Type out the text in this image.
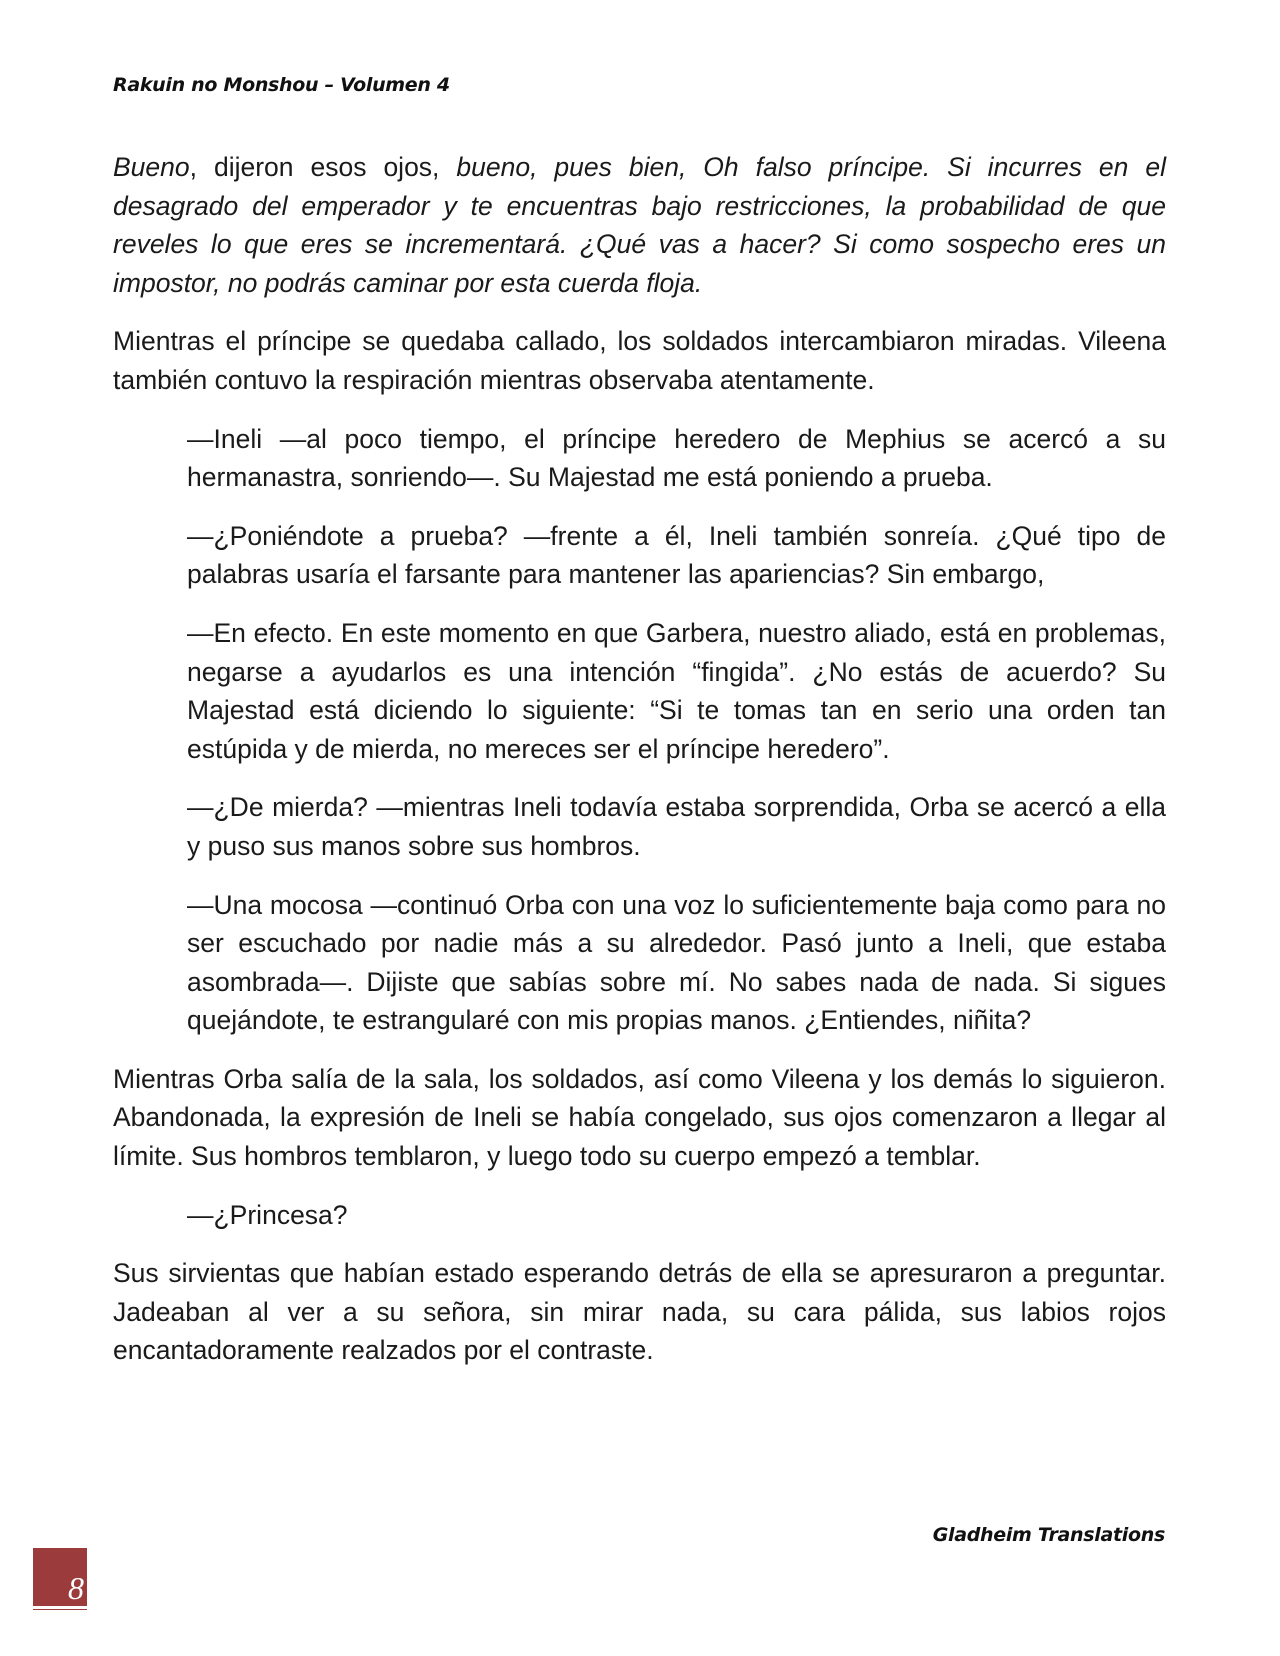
Rakuin no Monshou – Volumen 4

Bueno, dijeron esos ojos, bueno, pues bien, Oh falso príncipe. Si incurres en el desagrado del emperador y te encuentras bajo restricciones, la probabilidad de que reveles lo que eres se incrementará. ¿Qué vas a hacer? Si como sospecho eres un impostor, no podrás caminar por esta cuerda floja.

Mientras el príncipe se quedaba callado, los soldados intercambiaron miradas. Vileena también contuvo la respiración mientras observaba atentamente.

—Ineli —al poco tiempo, el príncipe heredero de Mephius se acercó a su hermanastra, sonriendo—. Su Majestad me está poniendo a prueba.

—¿Poniéndote a prueba? —frente a él, Ineli también sonreía. ¿Qué tipo de palabras usaría el farsante para mantener las apariencias? Sin embargo,

—En efecto. En este momento en que Garbera, nuestro aliado, está en problemas, negarse a ayudarlos es una intención “fingida”. ¿No estás de acuerdo? Su Majestad está diciendo lo siguiente: “Si te tomas tan en serio una orden tan estúpida y de mierda, no mereces ser el príncipe heredero”.

—¿De mierda? —mientras Ineli todavía estaba sorprendida, Orba se acercó a ella y puso sus manos sobre sus hombros.

—Una mocosa —continuó Orba con una voz lo suficientemente baja como para no ser escuchado por nadie más a su alrededor. Pasó junto a Ineli, que estaba asombrada—. Dijiste que sabías sobre mí. No sabes nada de nada. Si sigues quejándote, te estrangularé con mis propias manos. ¿Entiendes, niñita?

Mientras Orba salía de la sala, los soldados, así como Vileena y los demás lo siguieron. Abandonada, la expresión de Ineli se había congelado, sus ojos comenzaron a llegar al límite. Sus hombros temblaron, y luego todo su cuerpo empezó a temblar.

—¿Princesa?

Sus sirvientas que habían estado esperando detrás de ella se apresuraron a preguntar. Jadeaban al ver a su señora, sin mirar nada, su cara pálida, sus labios rojos encantadoramente realzados por el contraste.

Gladheim Translations
8
